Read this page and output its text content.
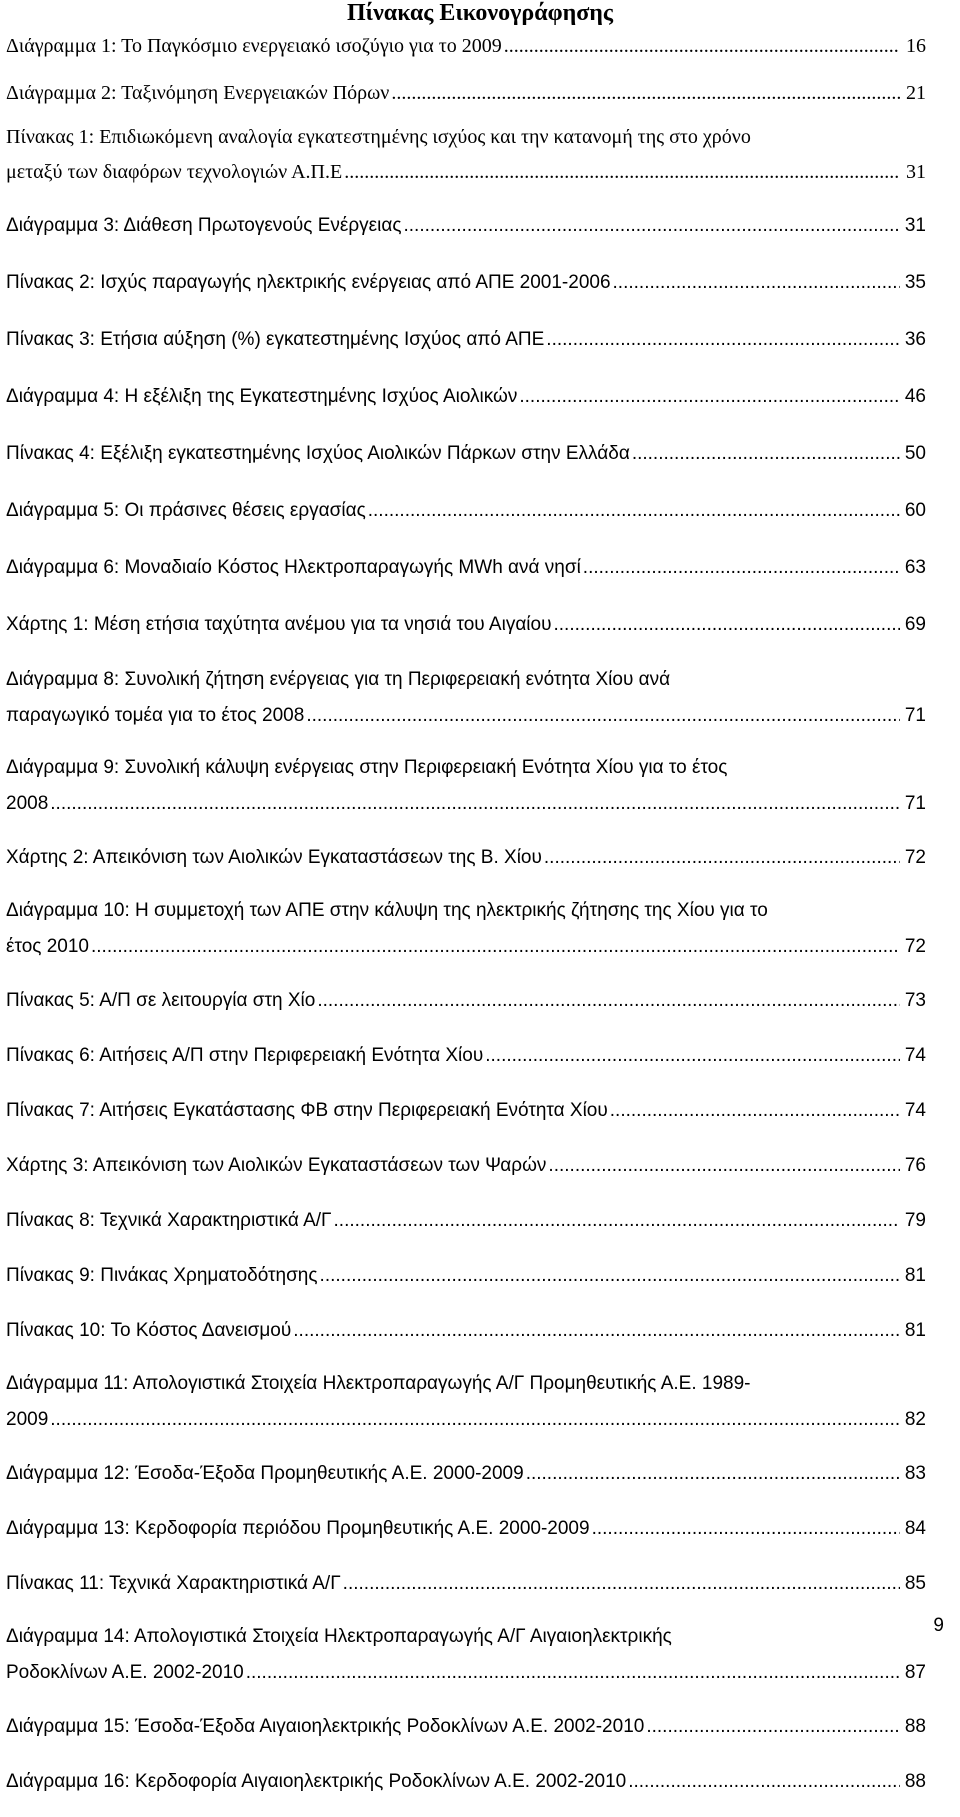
Πίνακας Εικονογράφησης
Διάγραμμα 1: Το Παγκόσμιο ενεργειακό ισοζύγιο για το 2009 .....	16
Διάγραμμα 2: Ταξινόμηση Ενεργειακών Πόρων .....	21
Πίνακας 1: Επιδιωκόμενη αναλογία εγκατεστημένης ισχύος και την κατανομή της στο χρόνο
μεταξύ των διαφόρων τεχνολογιών Α.Π.Ε .....	31
Διάγραμμα 3: Διάθεση Πρωτογενούς Ενέργειας .....	31
Πίνακας 2: Ισχύς παραγωγής ηλεκτρικής ενέργειας από ΑΠΕ 2001-2006 .....	35
Πίνακας 3: Ετήσια αύξηση (%) εγκατεστημένης Ισχύος από ΑΠΕ .....	36
Διάγραμμα 4: Η εξέλιξη της Εγκατεστημένης Ισχύος Αιολικών .....	46
Πίνακας 4: Εξέλιξη εγκατεστημένης Ισχύος Αιολικών Πάρκων στην Ελλάδα .....	50
Διάγραμμα 5: Οι πράσινες θέσεις εργασίας .....	60
Διάγραμμα 6: Μοναδιαίο Κόστος Ηλεκτροπαραγωγής MWh ανά νησί .....	63
Χάρτης 1: Μέση ετήσια ταχύτητα ανέμου για τα νησιά του Αιγαίου .....	69
Διάγραμμα 8: Συνολική ζήτηση ενέργειας για τη Περιφερειακή ενότητα Χίου ανά
παραγωγικό τομέα για το έτος 2008 .....	71
Διάγραμμα 9: Συνολική κάλυψη ενέργειας στην Περιφερειακή Ενότητα Χίου για το έτος
2008 .....	71
Χάρτης 2: Απεικόνιση των Αιολικών Εγκαταστάσεων της Β. Χίου .....	72
Διάγραμμα 10: Η συμμετοχή των ΑΠΕ στην κάλυψη της ηλεκτρικής ζήτησης της Χίου για το
έτος 2010 .....	72
Πίνακας 5: Α/Π σε λειτουργία στη Χίο .....	73
Πίνακας 6: Αιτήσεις Α/Π στην Περιφερειακή Ενότητα Χίου .....	74
Πίνακας 7: Αιτήσεις Εγκατάστασης ΦΒ στην Περιφερειακή Ενότητα Χίου .....	74
Χάρτης 3: Απεικόνιση των Αιολικών Εγκαταστάσεων των Ψαρών .....	76
Πίνακας 8: Τεχνικά Χαρακτηριστικά Α/Γ .....	79
Πίνακας 9: Πινάκας Χρηματοδότησης .....	81
Πίνακας 10: Το Κόστος Δανεισμού .....	81
Διάγραμμα 11: Απολογιστικά Στοιχεία Ηλεκτροπαραγωγής Α/Γ Προμηθευτικής Α.Ε. 1989-
2009 .....	82
Διάγραμμα 12: Έσοδα-Έξοδα Προμηθευτικής Α.Ε. 2000-2009 .....	83
Διάγραμμα 13: Κερδοφορία περιόδου Προμηθευτικής Α.Ε. 2000-2009 .....	84
Πίνακας 11: Τεχνικά Χαρακτηριστικά Α/Γ .....	85
Διάγραμμα 14: Απολογιστικά Στοιχεία Ηλεκτροπαραγωγής Α/Γ Αιγαιοηλεκτρικής
Ροδοκλίνων Α.Ε. 2002-2010 .....	87
Διάγραμμα 15: Έσοδα-Έξοδα Αιγαιοηλεκτρικής Ροδοκλίνων Α.Ε. 2002-2010 .....	88
Διάγραμμα 16: Κερδοφορία Αιγαιοηλεκτρικής Ροδοκλίνων Α.Ε. 2002-2010 .....	88
9
